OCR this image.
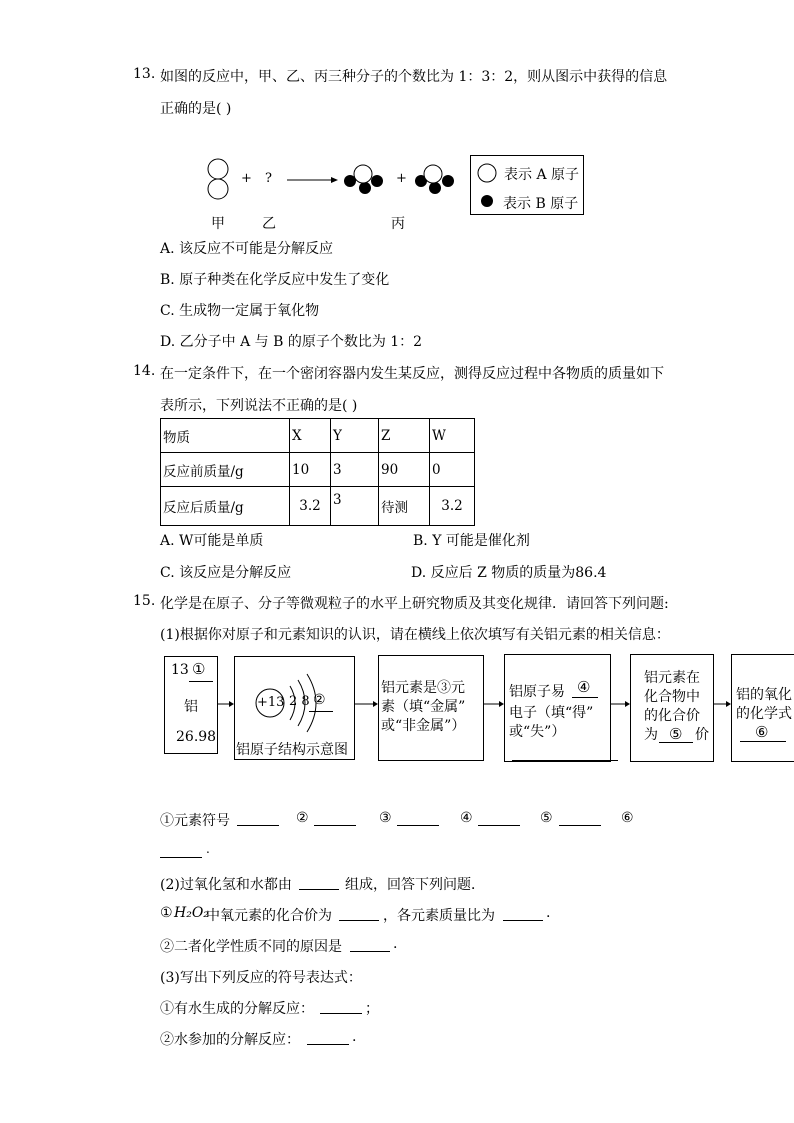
13. 如图的反应中，甲、乙、丙三种分子的个数比为 1：3：2，则从图示中获得的信息
正确的是( )
+ ?	+
甲	乙	丙
表示 A 原子
表示 B 原子
A. 该反应不可能是分解反应
B. 原子种类在化学反应中发生了变化
C. 生成物一定属于氧化物
D. 乙分子中 A 与 B 的原子个数比为 1：2
14. 在一定条件下，在一个密闭容器内发生某反应，测得反应过程中各物质的质量如下
表所示，下列说法不正确的是( )
物质	X	Y	Z	W
反应前质量/g	10	3	90	0
反应后质量/g	3.2	3	待测	3.2
A. W可能是单质	B. Y 可能是催化剂
C. 该反应是分解反应	D. 反应后 Z 物质的质量为86.4
15. 化学是在原子、分子等微观粒子的水平上研究物质及其变化规律．请回答下列问题:
(1)根据你对原子和元素知识的认识，请在横线上依次填写有关铝元素的相关信息：
13 ①
铝
26.98
+13 2 8 ②
铝原子结构示意图
铝元素是③元
素（填“金属”
或“非金属”）
铝原子易 ④
电子（填“得”
或“失”）
铝元素在
化合物中
的化合价
为 ⑤ 价
铝的氧化
的化学式
⑥
①元素符号	②	③	④	⑤	⑥
.
(2)过氧化氢和水都由	组成，回答下列问题．
① H₂O₂
中氧元素的化合价为	，各元素质量比为	.
②二者化学性质不同的原因是	.
(3)写出下列反应的符号表达式：
①有水生成的分解反应：	；
②水参加的分解反应：	.
